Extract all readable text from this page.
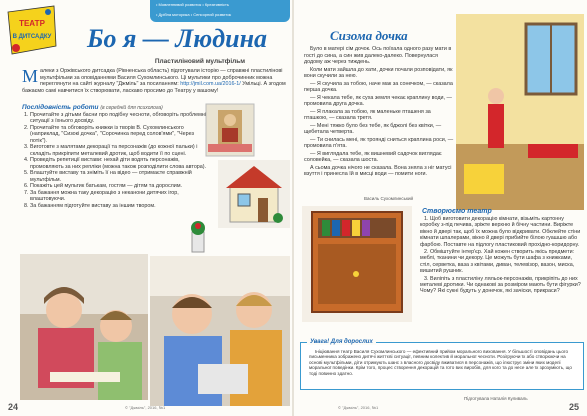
ТЕАТР
В ДИТСАДКУ
• Мовленнєвий розвиток • Креативність
• Дрібна моторика • Сенсорний розвиток
Бо я — Людина
Пластиліновий мультфільм
М алеки з Оржівського дитсадка (Рівненська область) підготували історію — справжні пластилінові мультфільми за оповіданнями Василя Сухомлинського. Ці мультики про доброчинник можна переглянути на сайті журналу "Джміль" за посиланням: http://jmil.com.ua/2016-1/ Умільці. А згодом бажаємо самі навчитися їх створювати, ласкаво просимо до Театру у вашому!
Послідовність роботи (в середній для психолога)
1. Прочитайте з дітьми басни про подібну чесноти, обговоріть проблемні ситуації з їхнього досвіду.
2. Прочитайте та обговоріть книжки із творів В. Сухомлинського (наприклад, "Сизокі дочка", "Сорочинка перед солов'ями", "Через потік").
3. Виготовте з малятами декорації та персонажів (до кожної пальки) і складіть прикріпити металевий дротик, щоб водити її по сцені.
4. Проведіть репетиції вистави: нехай діти водять персонажів, промовляють за них репліки (можна також розподілити слова автора).
5. Влаштуйте виставу та зніміть її на відео — отримаєте справжній мультфільм.
6. Покажіть цей мультик батькам, гостям — дітям та дорослим.
7. За бажання можна таку декорацію з неканони дитячих ігор, влаштовуючи.
8. За бажанням підготуйте виставу за іншим твором.
24	© "Джміль", 2016, №1
Сизома дочка

Було в матері сім дочок. Ось поїхала одного разу мати в гості до сина, а син жив далеко-далеко. Повернулася додому аж через тиждень.

Коли мати зайшла до хати, дочки почали розповідати, як вони скучили за нею.

— Я скучила за тобою, наче мак за сонечком, — сказала перша дочка.

— Я чекала тебе, як суха земля чекає краплину води, — промовила друга дочка.

— Я плакала за тобою, як маленьке пташеня за пташкою, — сказала третя.

— Мені тяжко було без тебе, як бджолі без квітки, — щебетала четверта.

— Ти снилась мені, як троянді сниться краплина роси, — промовила п'ята.

— Я виглядала тебе, як вишневий садочок виглядає соловейка, — сказала шоста.

А сьома дочка нічого не сказала. Вона зняла з ніг матусі взуття і принесла їй в мисці води — помити ноги.

Василь Сухомлинський
Створюємо театр

1. Щоб виготовити декорацію кімнати, візьміть картонну коробку з-під печива, зріжте верхню й бічну частини. Виріжте вікно й двері так, щоб їх можна було відкривати. Обклейте стіни кімнати шпалерами, вікно й двері прибийте білою гуашшю або фарбою. Поставте на підлогу пластиковий прохідно-коридорну.

2. Обміштуйте інтер'єр. Хай кожен створить якісь предмети: меблі, тканини чи декору. Це можуть бути шафа з книжками, стіл, серветка, ваза з квітами, диван, телевізор, вазон, миска, вишитий рушник.

3. Виліпіть з пластиліну ляльок-персонажів, прикріпіть до них металеві дротики. Чи однакові за розміром мають бути фігурки? Чому? Які сукні будуть у донечок, які зачіски, прикраси?

Увага! Для дорослих
Ініціювання театр Василя Сухомлинського — ефективний прийом морального виховання. У більшості оповідань цього письменника зображено дитячі життєві ситуації, певним колектив й моральної чесноти. Розігруючи їх або створюючи на основі мультфільми, діти отримують шанс з власного досвіду вживатися в персонажів, що ілюструє зміни яких моделі моральної поведінки. Крім того, процес створення декорацій та гото вих виробів, для кого та до несе але їх зрозуміють, що тоді повинно здатно.
Підготувала Наталія Куливаль
© "Джміль", 2016, №1	25
